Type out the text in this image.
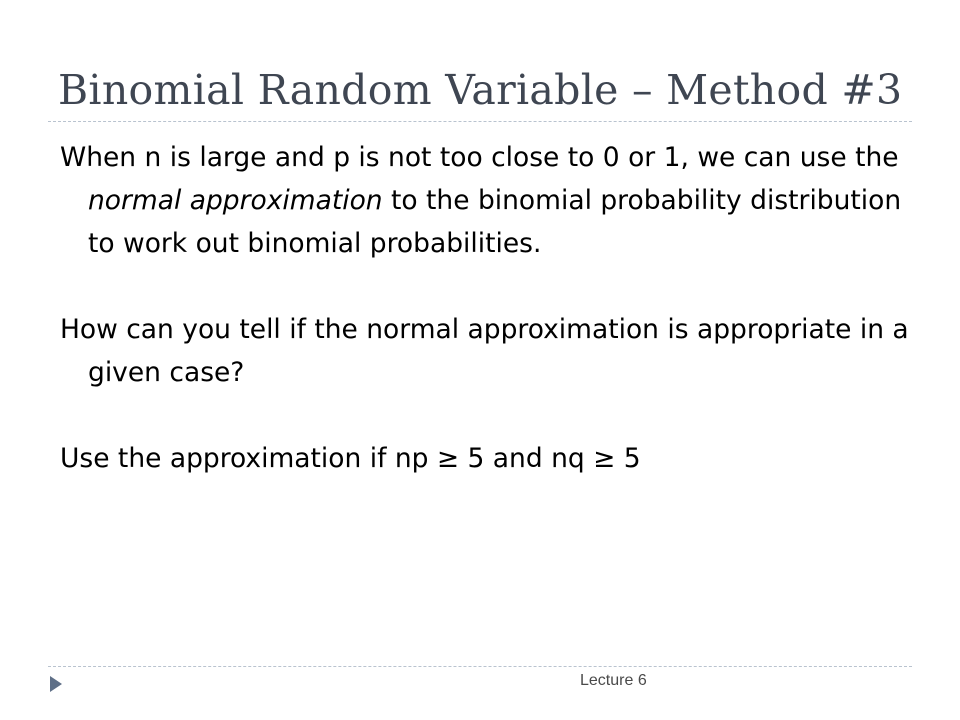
Binomial Random Variable – Method #3

When n is large and p is not too close to 0 or 1, we can use the normal approximation to the binomial probability distribution to work out binomial probabilities.

How can you tell if the normal approximation is appropriate in a given case?

Use the approximation if np ≥ 5 and nq ≥ 5

Lecture 6
